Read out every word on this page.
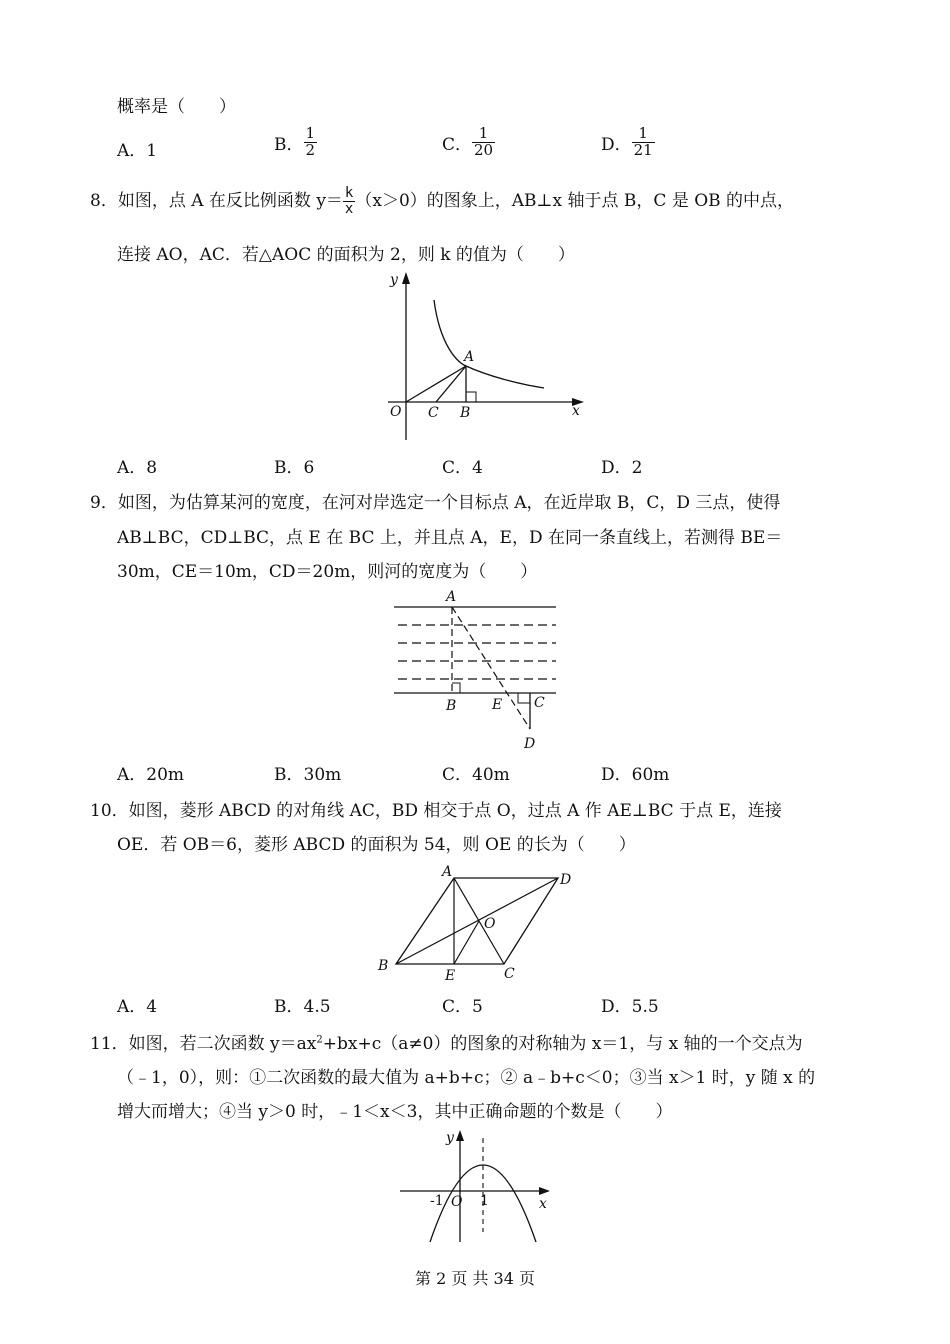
概率是（　　）
A．1	B． $\frac{1}{2}$	C． $\frac{1}{20}$	D． $\frac{1}{21}$
8．如图，点 A 在反比例函数 $y= \frac{k}{x} (x>0)$的图象上，AB⊥x 轴于点 B，C 是 OB 的中点，
连接 AO，AC．若△AOC 的面积为 2，则 k 的值为（　　）
y
x
O C B
A
A．8	B．6	C．4	D．2
9．如图，为估算某河的宽度，在河对岸选定一个目标点 A，在近岸取 B，C，D 三点，使得
AB⊥BC，CD⊥BC，点 E 在 BC 上，并且点 A，E，D 在同一条直线上，若测得 BE＝
30m，CE＝10m，CD＝20m，则河的宽度为（　　）
A
B	E C
D
A．20m	B．30m	C．40m	D．60m
10．如图，菱形 ABCD 的对角线 AC，BD 相交于点 O，过点 A 作 AE⊥BC 于点 E，连接
OE．若 OB＝6，菱形 ABCD 的面积为 54，则 OE 的长为（　　）
A	D
O
B
E	C
A．4	B．4.5	C．5	D．5.5
11．如图，若二次函数 $y=ax^2+bx+c(a\ne 0)$的图象的对称轴为 x＝1，与 x 轴的一个交点为
（﹣1，0），则：①二次函数的最大值为 a+b+c；② a﹣b+c＜0；③当 x＞1 时，y 随 x 的
增大而增大；④当 y＞0 时，﹣1＜x＜3，其中正确命题的个数是（　　）
y
x
O
-1	1
第 2 页 共 34 页
